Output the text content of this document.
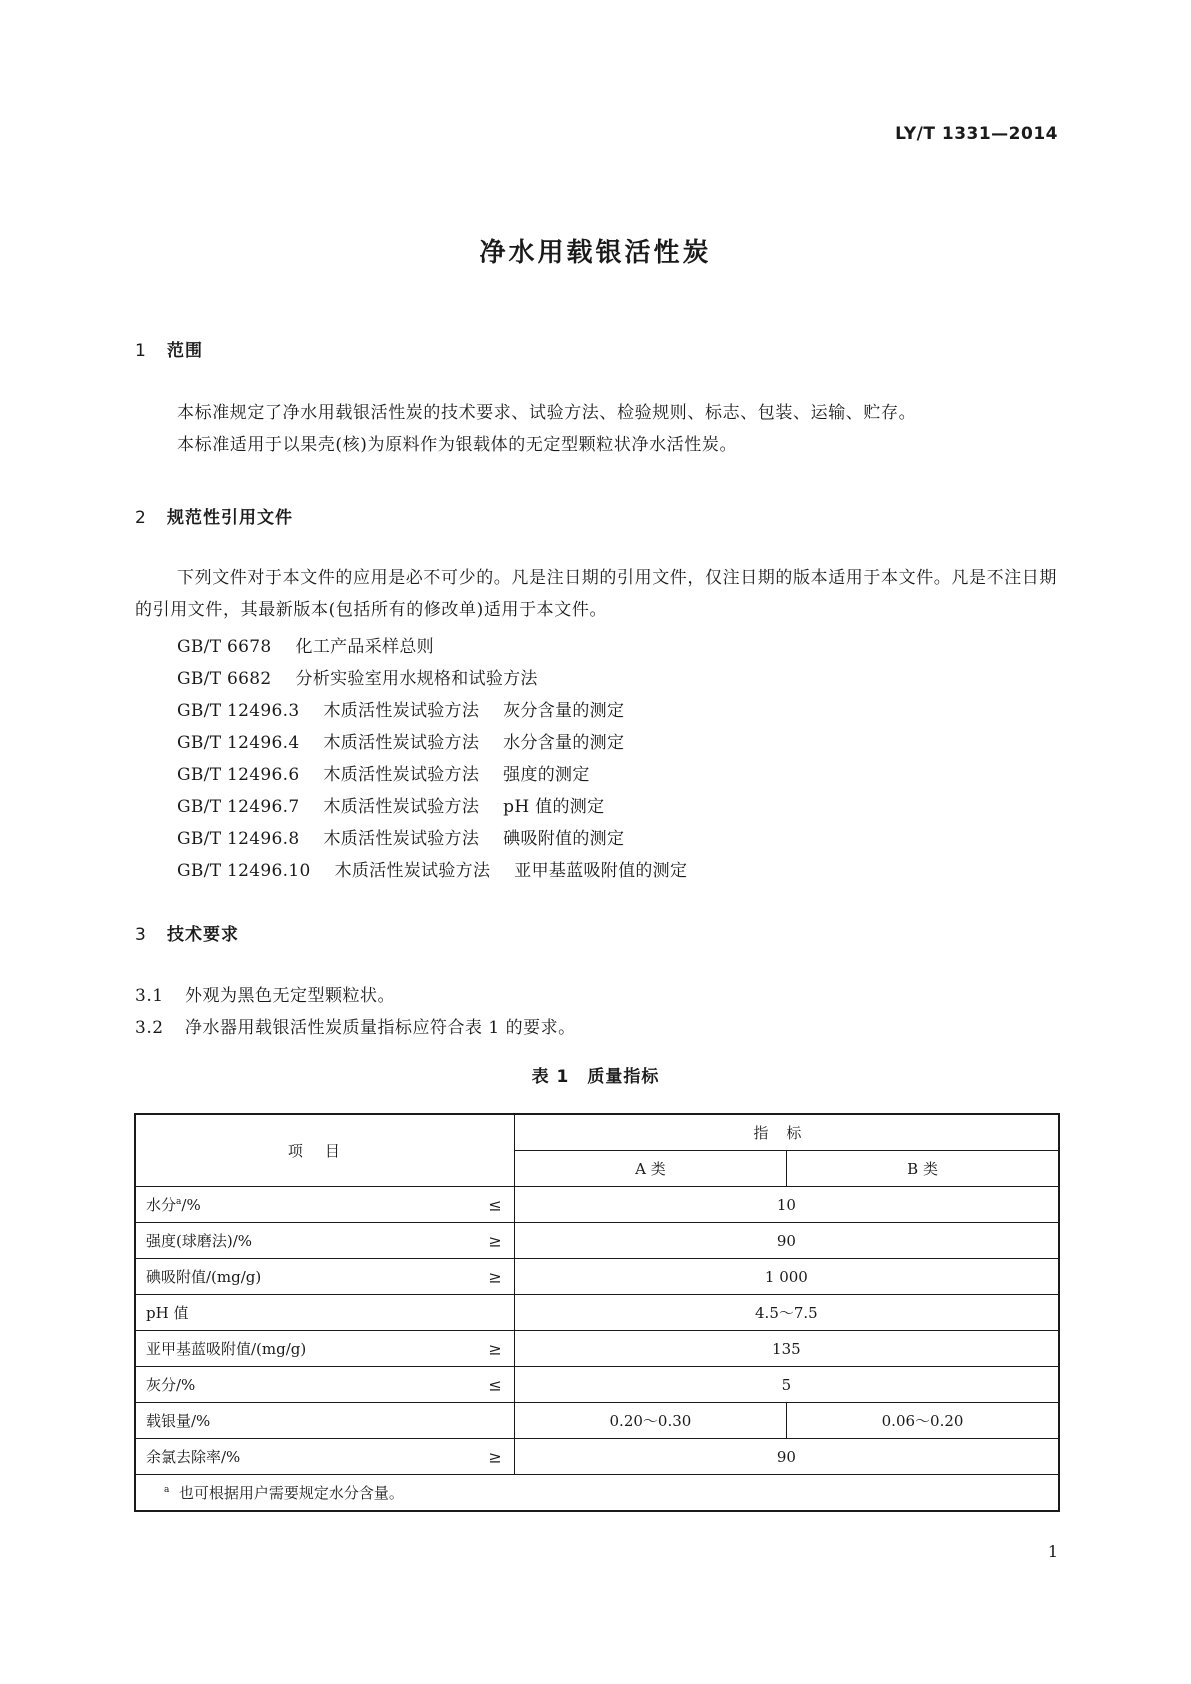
LY/T 1331—2014
净水用载银活性炭
1 范围
本标准规定了净水用载银活性炭的技术要求、试验方法、检验规则、标志、包装、运输、贮存。
本标准适用于以果壳(核)为原料作为银载体的无定型颗粒状净水活性炭。
2 规范性引用文件
下列文件对于本文件的应用是必不可少的。凡是注日期的引用文件，仅注日期的版本适用于本文件。凡是不注日期的引用文件，其最新版本(包括所有的修改单)适用于本文件。
GB/T 6678 化工产品采样总则
GB/T 6682 分析实验室用水规格和试验方法
GB/T 12496.3 木质活性炭试验方法 灰分含量的测定
GB/T 12496.4 木质活性炭试验方法 水分含量的测定
GB/T 12496.6 木质活性炭试验方法 强度的测定
GB/T 12496.7 木质活性炭试验方法 pH 值的测定
GB/T 12496.8 木质活性炭试验方法 碘吸附值的测定
GB/T 12496.10 木质活性炭试验方法 亚甲基蓝吸附值的测定
3 技术要求
3.1 外观为黑色无定型颗粒状。
3.2 净水器用载银活性炭质量指标应符合表 1 的要求。
表 1　质量指标
项目	指标	
	A 类	B 类
水分$^a$/% ≤	10	
强度(球磨法)/% ≥	90	
碘吸附值/(mg/g) ≥	1 000	
pH 值	4.5～7.5	
亚甲基蓝吸附值/(mg/g) ≥	135	
灰分/% ≤	5	
载银量/%	0.20～0.30	0.06～0.20
余氯去除率/% ≥	90	
$^a$ 也可根据用户需要规定水分含量。		
1
